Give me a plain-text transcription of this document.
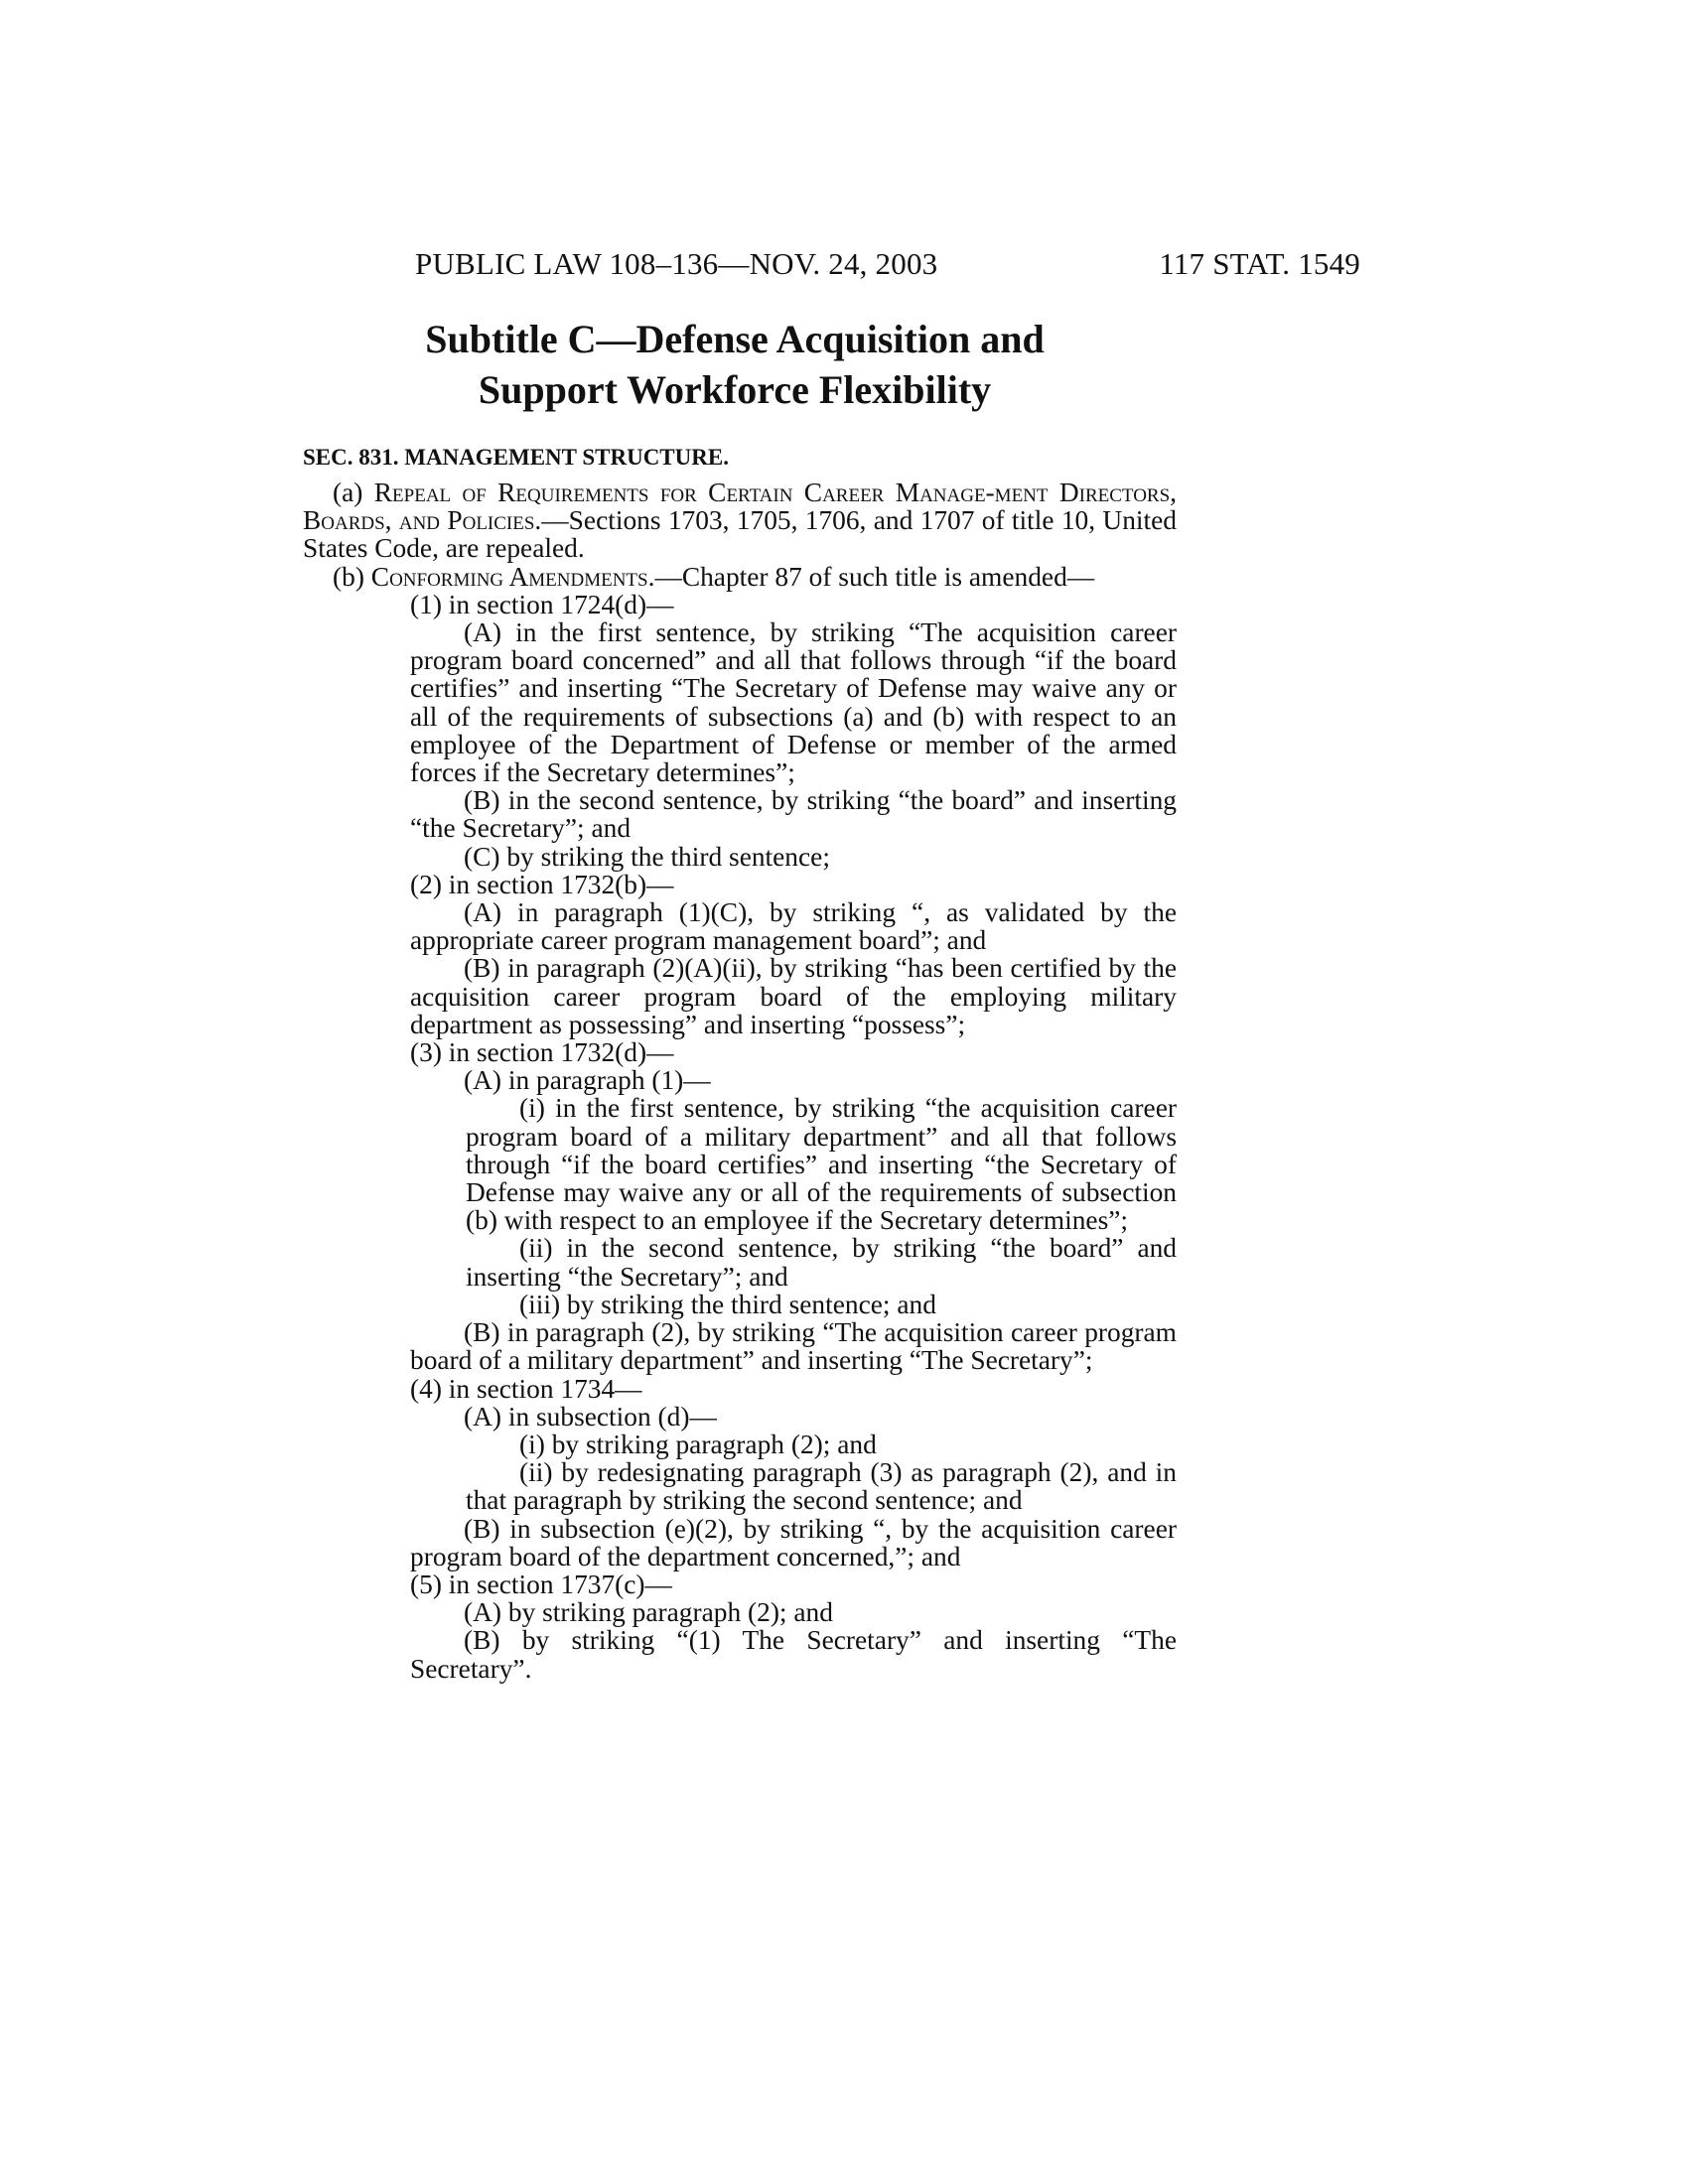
PUBLIC LAW 108–136—NOV. 24, 2003	117 STAT. 1549
Subtitle C—Defense Acquisition and
Support Workforce Flexibility
SEC. 831. MANAGEMENT STRUCTURE.

(a) Repeal of Requirements for Certain Career Manage-ment Directors, Boards, and Policies.—Sections 1703, 1705, 1706, and 1707 of title 10, United States Code, are repealed.

(b) Conforming Amendments.—Chapter 87 of such title is amended—

(1) in section 1724(d)—

(A) in the first sentence, by striking “The acquisition career program board concerned” and all that follows through “if the board certifies” and inserting “The Secretary of Defense may waive any or all of the requirements of subsections (a) and (b) with respect to an employee of the Department of Defense or member of the armed forces if the Secretary determines”;

(B) in the second sentence, by striking “the board” and inserting “the Secretary”; and

(C) by striking the third sentence;

(2) in section 1732(b)—

(A) in paragraph (1)(C), by striking “, as validated by the appropriate career program management board”; and

(B) in paragraph (2)(A)(ii), by striking “has been certified by the acquisition career program board of the employing military department as possessing” and inserting “possess”;

(3) in section 1732(d)—

(A) in paragraph (1)—

(i) in the first sentence, by striking “the acquisition career program board of a military department” and all that follows through “if the board certifies” and inserting “the Secretary of Defense may waive any or all of the requirements of subsection (b) with respect to an employee if the Secretary determines”;

(ii) in the second sentence, by striking “the board” and inserting “the Secretary”; and

(iii) by striking the third sentence; and

(B) in paragraph (2), by striking “The acquisition career program board of a military department” and inserting “The Secretary”;

(4) in section 1734—

(A) in subsection (d)—

(i) by striking paragraph (2); and

(ii) by redesignating paragraph (3) as paragraph (2), and in that paragraph by striking the second sentence; and

(B) in subsection (e)(2), by striking “, by the acquisition career program board of the department concerned,”; and

(5) in section 1737(c)—

(A) by striking paragraph (2); and

(B) by striking “(1) The Secretary” and inserting “The Secretary”.
